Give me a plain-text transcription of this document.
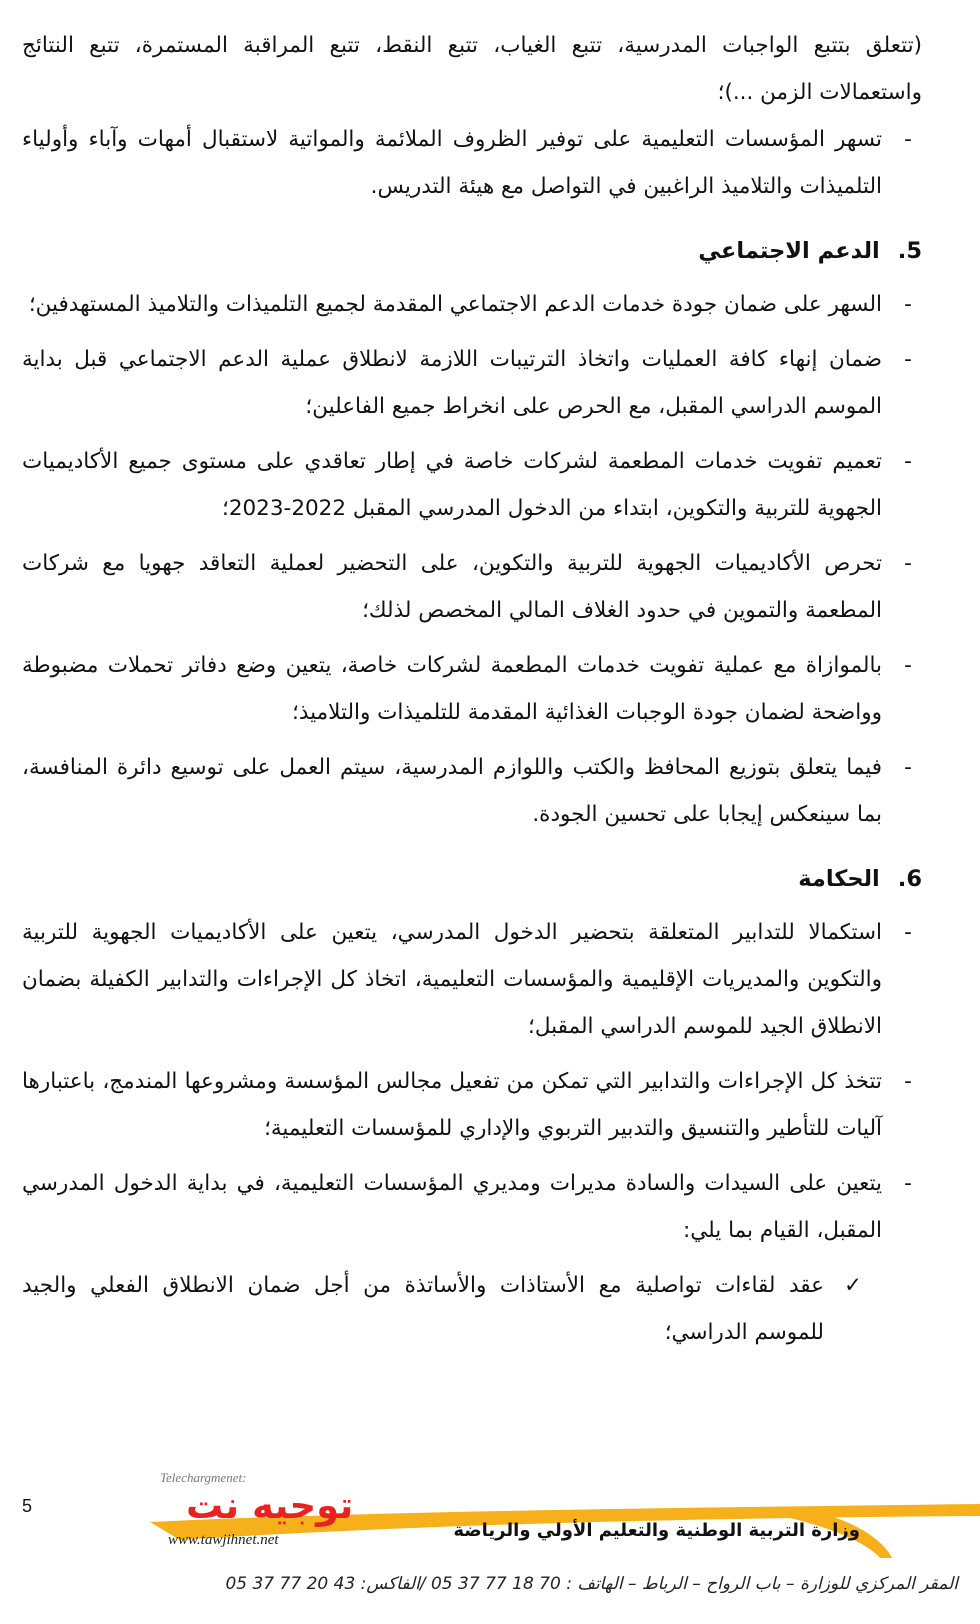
(تتعلق بتتبع الواجبات المدرسية، تتبع الغياب، تتبع النقط، تتبع المراقبة المستمرة، تتبع النتائج واستعمالات الزمن ...)؛

-
تسهر المؤسسات التعليمية على توفير الظروف الملائمة والمواتية لاستقبال أمهات وآباء وأولياء التلميذات والتلاميذ الراغبين في التواصل مع هيئة التدريس.
5.الدعم الاجتماعي
-
السهر على ضمان جودة خدمات الدعم الاجتماعي المقدمة لجميع التلميذات والتلاميذ المستهدفين؛
-
ضمان إنهاء كافة العمليات واتخاذ الترتيبات اللازمة لانطلاق عملية الدعم الاجتماعي قبل بداية الموسم الدراسي المقبل، مع الحرص على انخراط جميع الفاعلين؛
-
تعميم تفويت خدمات المطعمة لشركات خاصة في إطار تعاقدي على مستوى جميع الأكاديميات الجهوية للتربية والتكوين، ابتداء من الدخول المدرسي المقبل 2022-2023؛
-
تحرص الأكاديميات الجهوية للتربية والتكوين، على التحضير لعملية التعاقد جهويا مع شركات المطعمة والتموين في حدود الغلاف المالي المخصص لذلك؛
-
بالموازاة مع عملية تفويت خدمات المطعمة لشركات خاصة، يتعين وضع دفاتر تحملات مضبوطة وواضحة لضمان جودة الوجبات الغذائية المقدمة للتلميذات والتلاميذ؛
-
فيما يتعلق بتوزيع المحافظ والكتب واللوازم المدرسية، سيتم العمل على توسيع دائرة المنافسة، بما سينعكس إيجابا على تحسين الجودة.
6.الحكامة
-
استكمالا للتدابير المتعلقة بتحضير الدخول المدرسي، يتعين على الأكاديميات الجهوية للتربية والتكوين والمديريات الإقليمية والمؤسسات التعليمية، اتخاذ كل الإجراءات والتدابير الكفيلة بضمان الانطلاق الجيد للموسم الدراسي المقبل؛
-
تتخذ كل الإجراءات والتدابير التي تمكن من تفعيل مجالس المؤسسة ومشروعها المندمج، باعتبارها آليات للتأطير والتنسيق والتدبير التربوي والإداري للمؤسسات التعليمية؛
-
يتعين على السيدات والسادة مديرات ومديري المؤسسات التعليمية، في بداية الدخول المدرسي المقبل، القيام بما يلي:
✓
عقد لقاءات تواصلية مع الأستاذات والأساتذة من أجل ضمان الانطلاق الفعلي والجيد للموسم الدراسي؛
5
Telechargmenet:
توجيه نت
www.tawjihnet.net	وزارة التربية الوطنية والتعليم الأولي والرياضة
المقر المركزي للوزارة – باب الرواح – الرباط – الهاتف : 70 18 77 37 05 /الفاكس: 43 20 77 37 05
